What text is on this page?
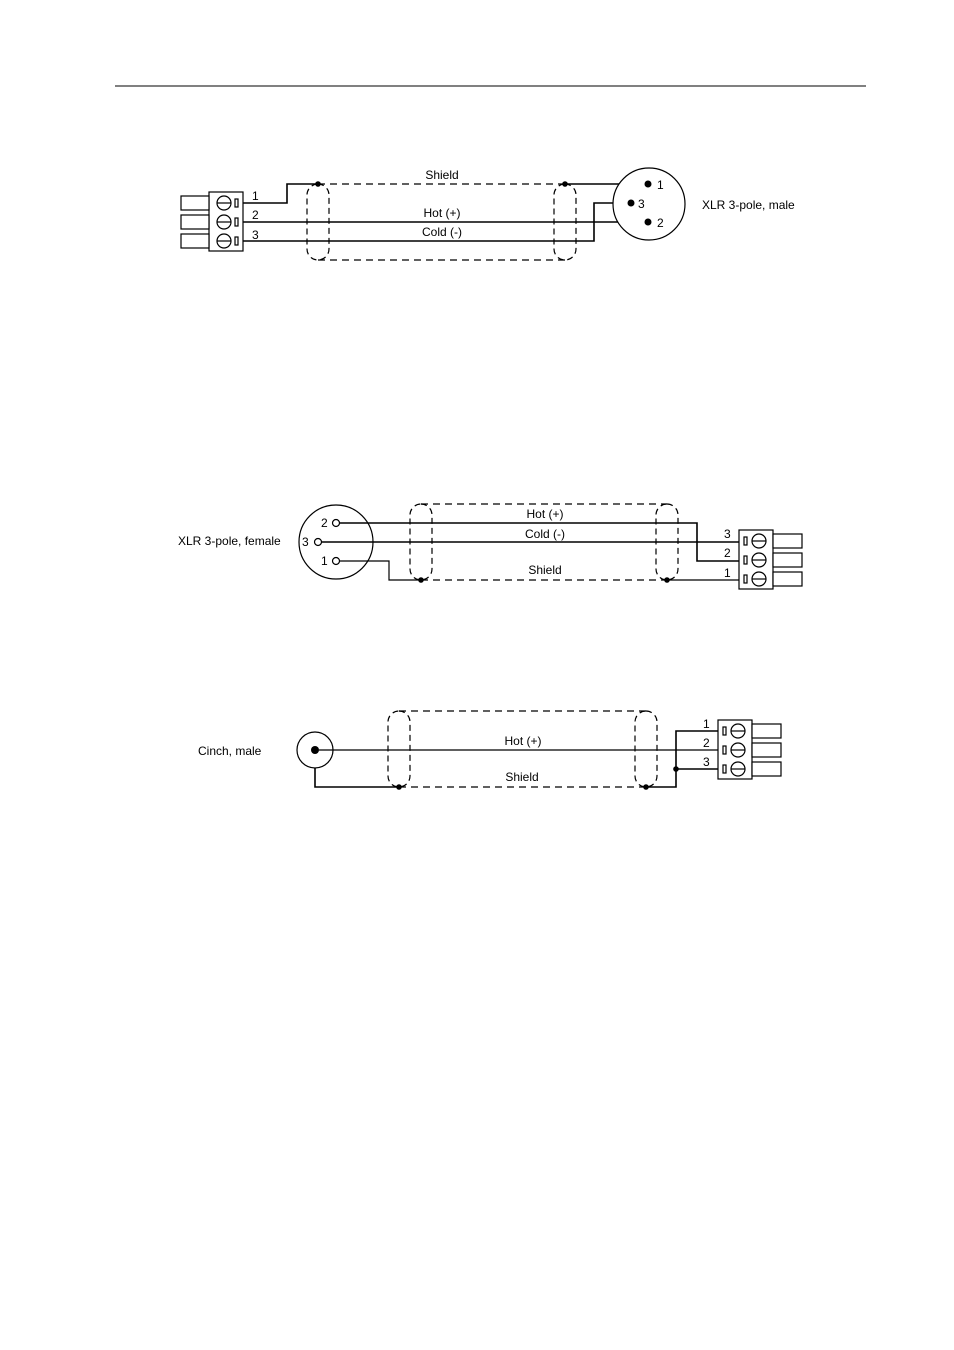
1
2
3
Shield
Hot (+)
Cold (-)
1
3
2
XLR 3-pole, male
XLR 3-pole, female
2
3
1
Hot (+)
Cold (-)
Shield
3
2
1
Cinch, male
Hot (+)
Shield
1
2
3
